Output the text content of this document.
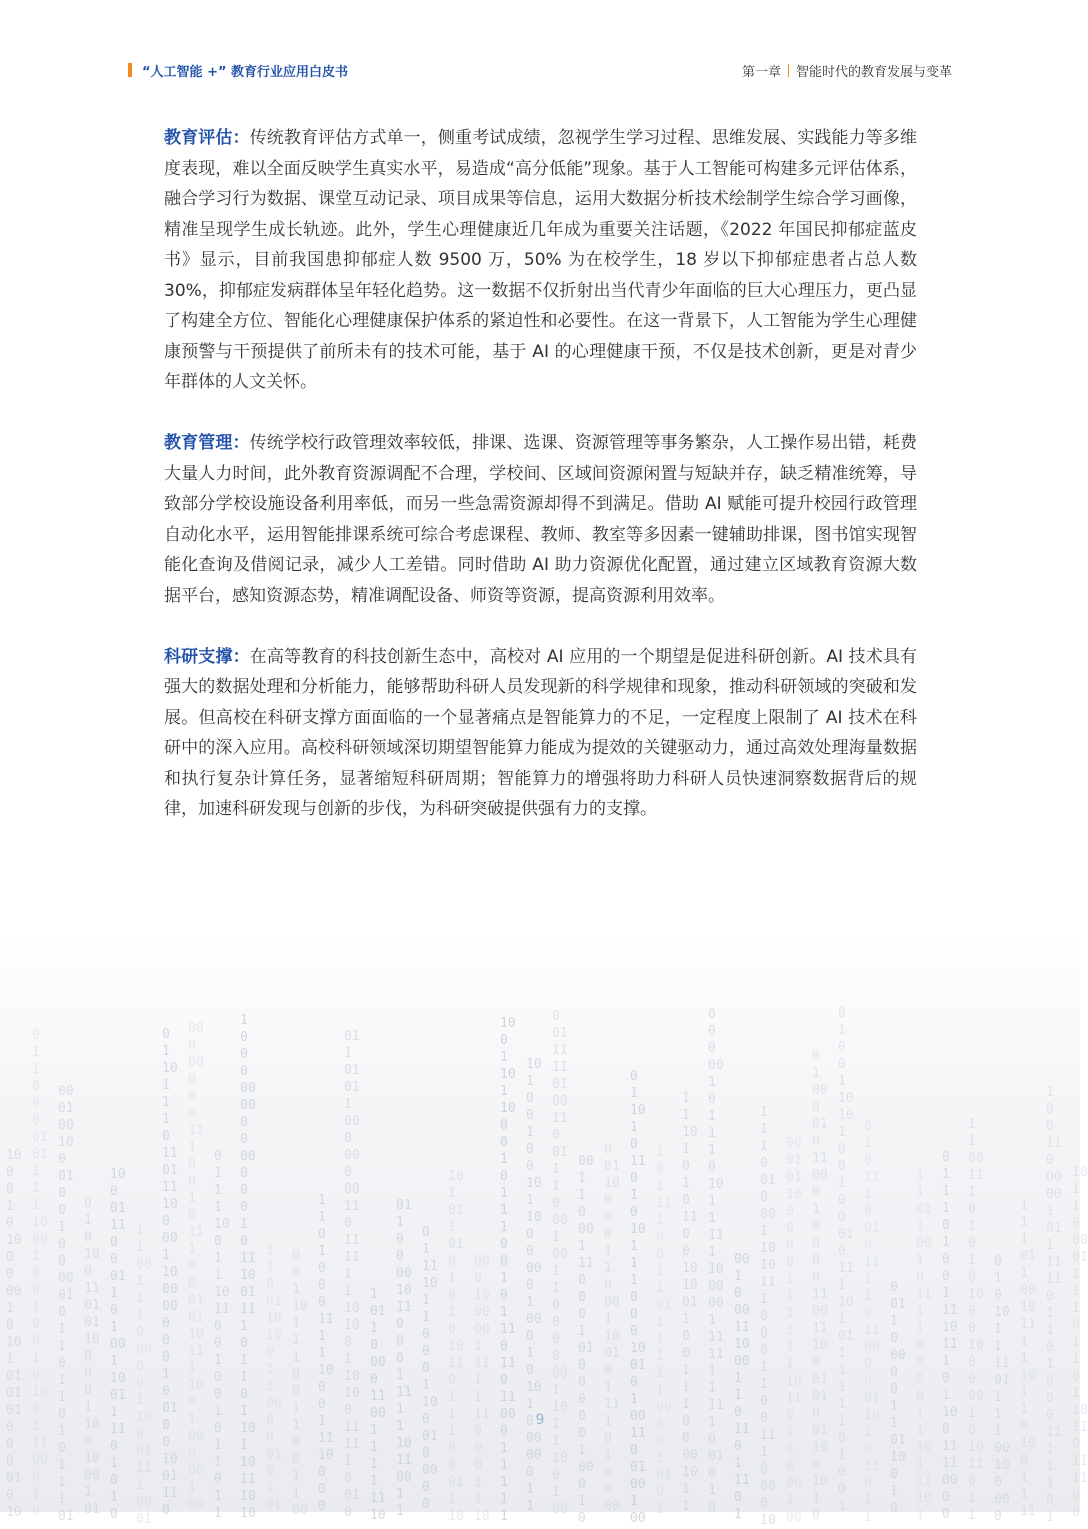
10
0
0
1
0
10
0
0
00
1
0
10
1
01
01
01
0
0
0
01
0
10

0
1
1
0
0
0
01
01
1
1
1
10
00
1
0
0
1
0
0
1
0
10
0
1
11
00
0
1
0

00
01
00
10
0
01
0
0
1
0
0
00
01
0
1
1
0
1
1
0
1
0
1
1
1
01

0
1
0
10
0
11
01
01
10
0
0
0
1
10
0
10
00
1
01

10
0
01
11
0
0
01
1
0
1
00
1
10
01
1
11
0
1
0
1
0

1
1
00
1
1
1
0
00
0
0
1
10
0
01
11
1
00
01

0
1
10
1
1
1
0
11
01
11
10
0
00
1
10
00
00
0
0
0
1
0
01
0
0
10
01
11
0

00
0
00
0
0
0
11
1
0
0
1
0
11
1
0
0
01
01
10
11
1
10
0
1
00
0
00
1
00

0
1
1
1
10
0
1
1
10
11
0
0
1
0
0
1
0
1
1
0
1
1

1
0
0
0
00
00
0
0
00
0
0
0
1
0
11
10
01
11
1
0
1
1
0
1
10
1
10
11
10
10

1
1
0
01
10
10
0
1
1
00
0
0
01
0
1
01

0
0
1
10
1
1
1
0
0
1
1
0
0
1
1
00

1
1
0
1
0
0
0
11
1
1
10
0
0
1
11
10
0
0
0

01
1
01
01
1
00
0
00
0
00
11
0
11
11
1
1
10
10
0
1
10
10
0
11
11
1
0
01
0

1
01
1
0
00
0
11
00
1
1
1
1
11
10

01
1
0
0
00
10
11
0
0
0
1
11
1
1
10
11
00
1
1

0
1
11
10
1
1
0
0
0
1
10
0
01
0
00
0
0

10
1
01
1
01
0
1
0
1
0
10
11
0
1
1
1
0
0
01
1
10

00
0
10
00
00
1
11
1
1
11
0
0
0
1
1
10

10
0
1
10
1
10
0
0
1
0
1
1
1
0
0
1
0
1
11
0
11
0
11
00
0
1
1
1
1
1

10
1
0
0
1
0
0
10
1
10
0
0
00
0
1
00
0
1
0
10
1
0
00
00
0
1
1

0
01
11
11
01
00
11
0
01
1
1
0
00
1
00
1
1
0
0
0
0
00
1
10
1
1
10
0
1
00

00
1
1
0
00
1
11
0
0
0
1
01
0
0
0
0
0
1
00
0
1
0

0
01
10
0
0
0
1
1
0
00
1
10
01
0
1
11
1
0
1
0
0
00

0
1
10
1
0
11
0
1
0
10
1
1
1
0
0
0
10
01
0
1
00
11
0
01
00
1
00

1
0
1
11
1
0
0
1
1
01
1
1
1
1
1
00
0
0
1
01
0
1

1
1
10
1
0
1
0
11
0
0
10
10
01
1
0
0
1
1
1
0
0
00
10
1
1

0
0
0
00
1
0
1
1
1
0
10
1
1
11
1
10
00
00
1
11
11
1
1
11
1
0
01
0
1
0

00
1
0
00
11
10
00
1
1
0
11
0
1
11
0
1

1
1
1
0
01
0
00
1
10
10
11
1
0
0
0
1
1
0
0
11
1
0
00
0
10

00
01
01
10
0
0
0
0
1
1
1
1
1
1
10
11
0
1
0
0
00
1
00

0
1
00
0
01
0
11
00
0
1
0
0
0
0
11
00
11
10
0
01
01
0
01
10
0
10
1
0

0
1
0
0
1
10
10
1
0
0
1
0
0
01
0
11
1
10
1
01
1
1
1
1
1
0
1
0
0
1

0
1
0
11
1
0
01
0
11
1
1
0
11
00
0
0
01
10
1
0
11
0
1
1

0
01
1
0
00
0
0
1
1
01
10
0
1
0

1
1
01
1
00
1
0
11
1
1
0
0
0
0
1
1
10
1
11
10
1

0
1
1
1
0
1
0
0
1
11
10
11
1
0
1
10
0
11
11
00
0
0

1
1
00
11
1
0
1
0
1
0
10
0
0
10
0
0
00
1
0
10
11
0
1
1

0
1
0
10
1
1
11
01
1
1
1
00
10
0
00
0

1
1
1
01
1
00
10
11
1
1
10
1
1
0
10
0
1
1
11

1
0
0
11
0
00
00
1
01
1
11
11
0
1
1
0
1
0
0
0
11
1
1
1
0
1

10
1
1
0
00
01
1
1
1
0
1
1
0
1
10
11
0
11
11
0
0

“人工智能 +” 教育行业应用白皮书	第一章 智能时代的教育发展与变革

教育评估：传统教育评估方式单一，侧重考试成绩，忽视学生学习过程、思维发展、实践能力等多维度表现，难以全面反映学生真实水平，易造成“高分低能”现象。基于人工智能可构建多元评估体系，融合学习行为数据、课堂互动记录、项目成果等信息，运用大数据分析技术绘制学生综合学习画像，精准呈现学生成长轨迹。此外，学生心理健康近几年成为重要关注话题，《2022 年国民抑郁症蓝皮书》显示，目前我国患抑郁症人数 9500 万，50% 为在校学生，18 岁以下抑郁症患者占总人数 30%，抑郁症发病群体呈年轻化趋势。这一数据不仅折射出当代青少年面临的巨大心理压力，更凸显了构建全方位、智能化心理健康保护体系的紧迫性和必要性。在这一背景下，人工智能为学生心理健康预警与干预提供了前所未有的技术可能，基于 AI 的心理健康干预，不仅是技术创新，更是对青少年群体的人文关怀。

教育管理：传统学校行政管理效率较低，排课、选课、资源管理等事务繁杂，人工操作易出错，耗费大量人力时间，此外教育资源调配不合理，学校间、区域间资源闲置与短缺并存，缺乏精准统筹，导致部分学校设施设备利用率低，而另一些急需资源却得不到满足。借助 AI 赋能可提升校园行政管理自动化水平，运用智能排课系统可综合考虑课程、教师、教室等多因素一键辅助排课，图书馆实现智能化查询及借阅记录，减少人工差错。同时借助 AI 助力资源优化配置，通过建立区域教育资源大数据平台，感知资源态势，精准调配设备、师资等资源，提高资源利用效率。

科研支撑：在高等教育的科技创新生态中，高校对 AI 应用的一个期望是促进科研创新。AI 技术具有强大的数据处理和分析能力，能够帮助科研人员发现新的科学规律和现象，推动科研领域的突破和发展。但高校在科研支撑方面面临的一个显著痛点是智能算力的不足，一定程度上限制了 AI 技术在科研中的深入应用。高校科研领域深切期望智能算力能成为提效的关键驱动力，通过高效处理海量数据和执行复杂计算任务，显著缩短科研周期；智能算力的增强将助力科研人员快速洞察数据背后的规律，加速科研发现与创新的步伐，为科研突破提供强有力的支撑。

9
